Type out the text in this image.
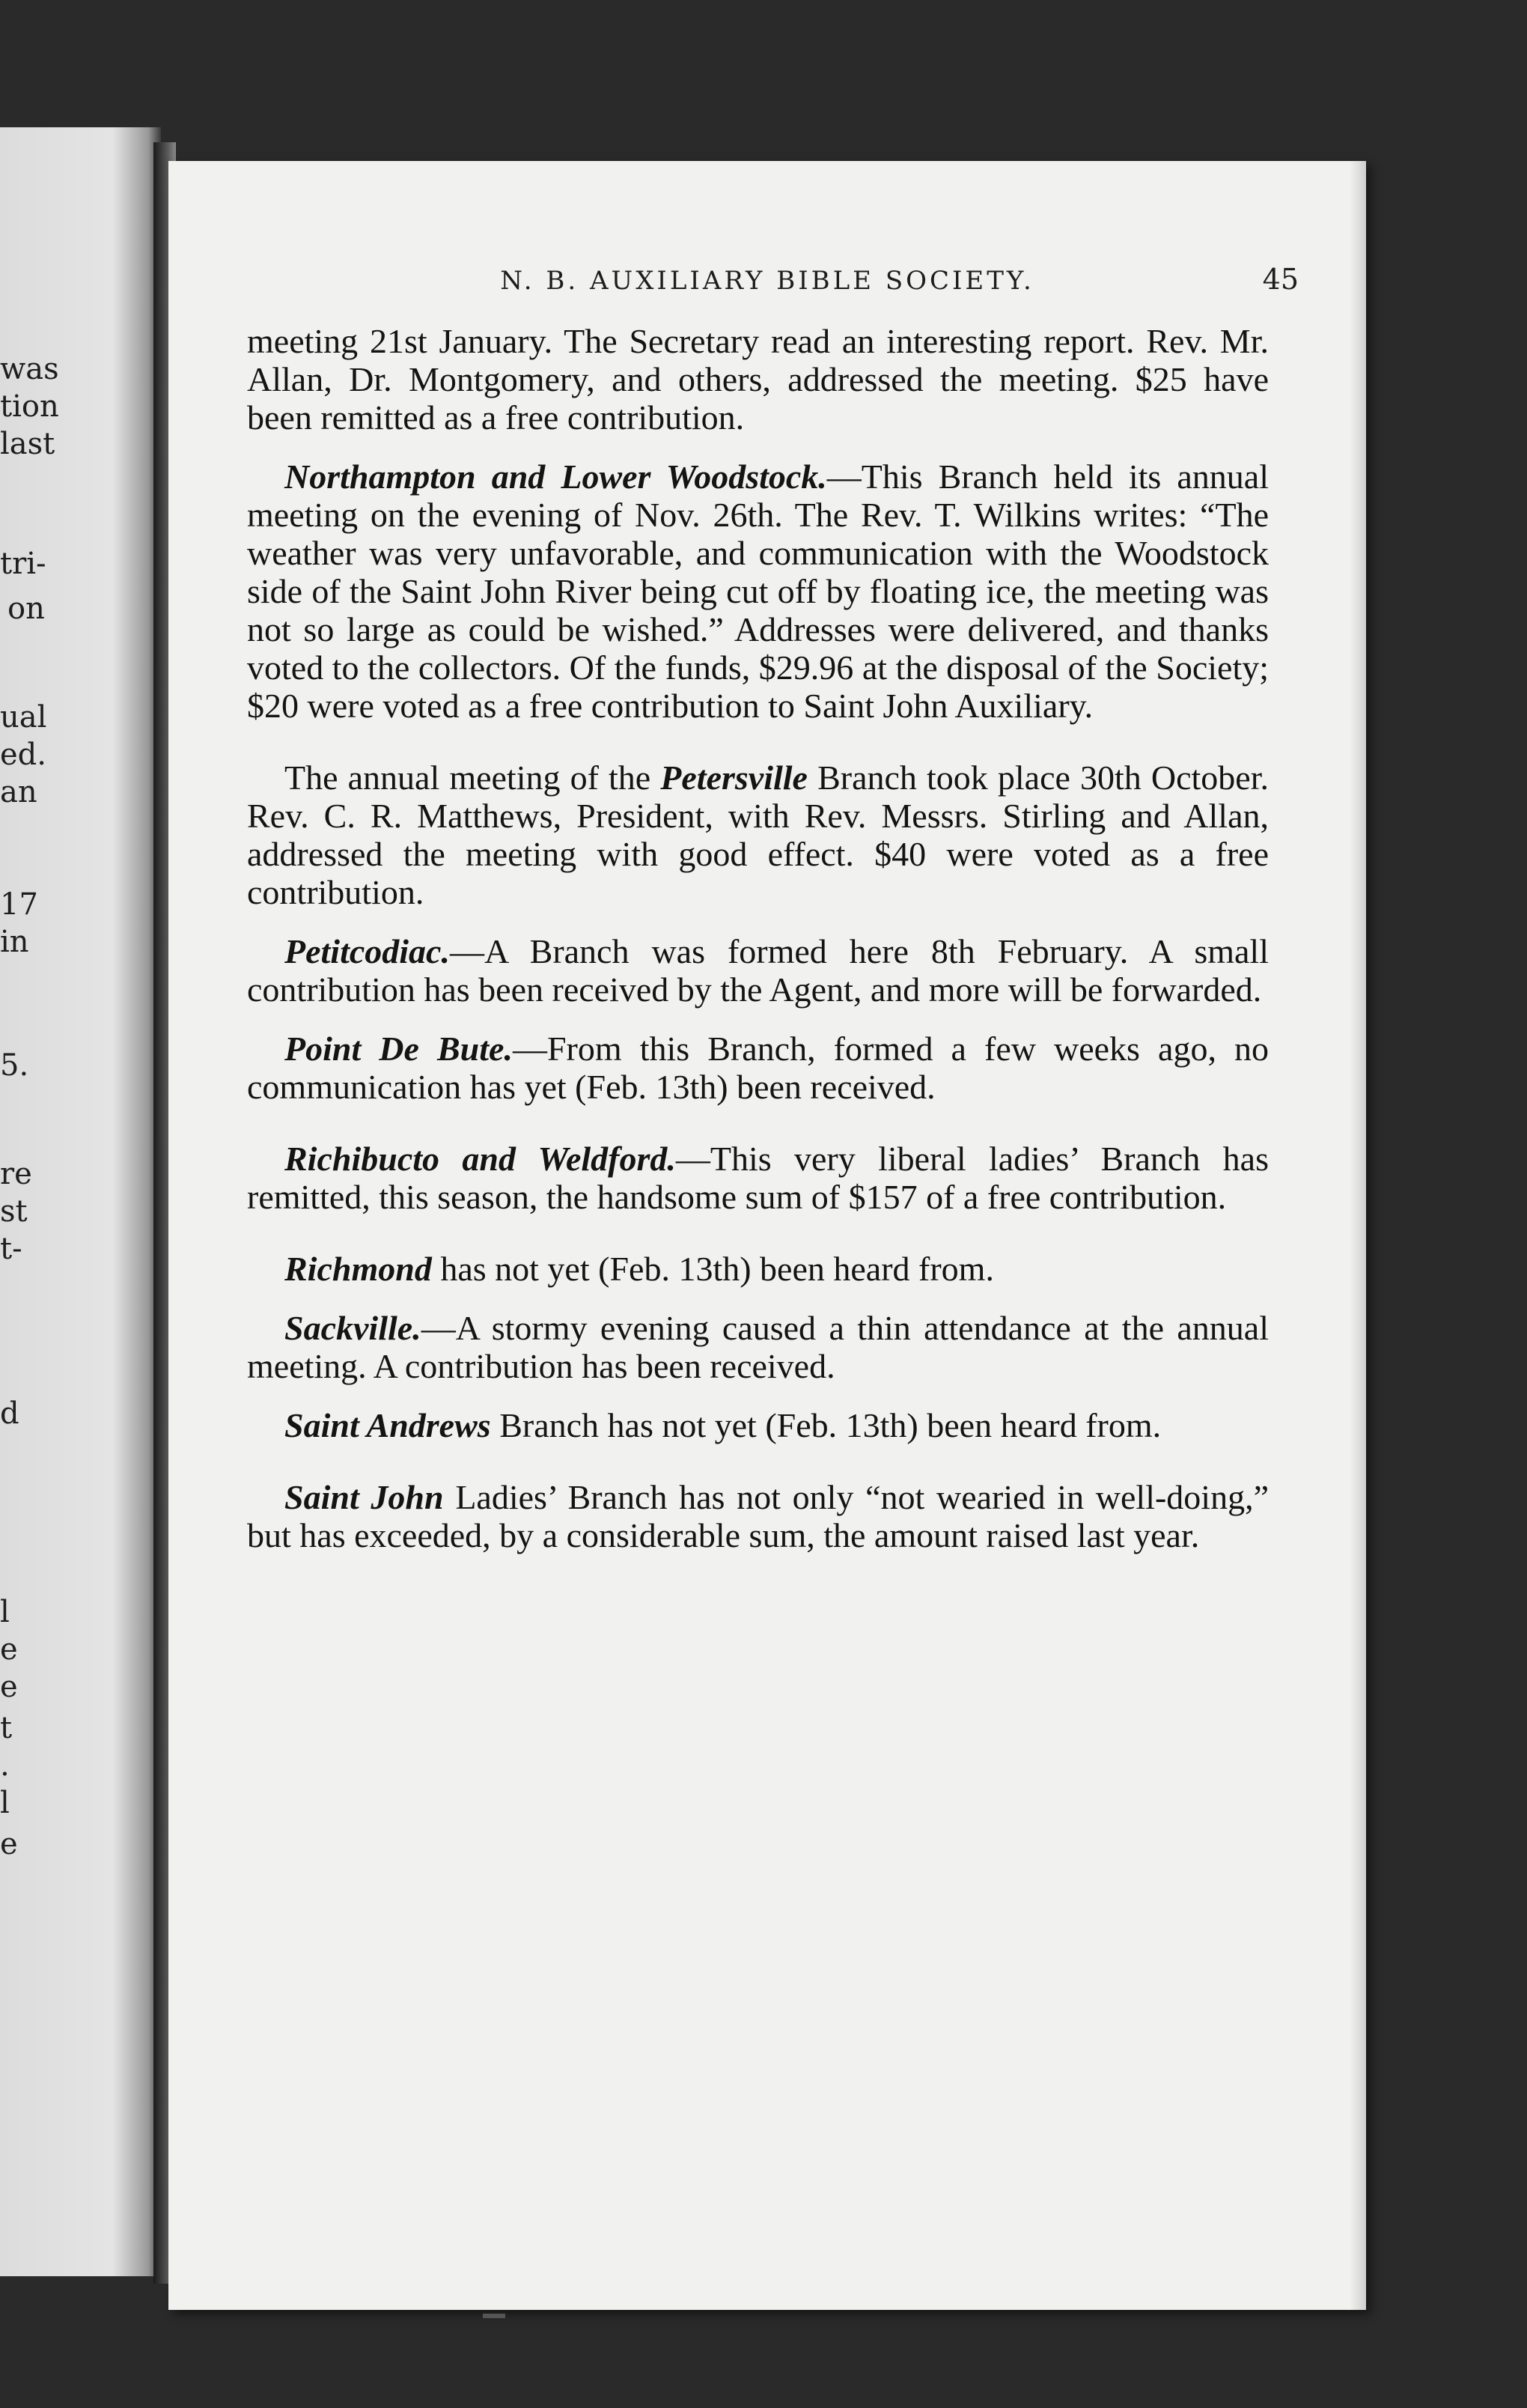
was
tion
last
tri-
on
ual
ed.
an
17
in
5.
re
st
t-
d
l
e
e
t
.
l
e
N. B. AUXILIARY BIBLE SOCIETY.	45

meeting 21st January. The Secretary read an interesting report. Rev. Mr. Allan, Dr. Montgomery, and others, addressed the meeting. $25 have been remitted as a free contribution.

Northampton and Lower Woodstock.—This Branch held its annual meeting on the evening of Nov. 26th. The Rev. T. Wilkins writes: “The weather was very unfavorable, and communication with the Woodstock side of the Saint John River being cut off by floating ice, the meeting was not so large as could be wished.” Addresses were delivered, and thanks voted to the collectors. Of the funds, $29.96 at the disposal of the Society; $20 were voted as a free contribution to Saint John Auxiliary.

The annual meeting of the Petersville Branch took place 30th October. Rev. C. R. Matthews, President, with Rev. Messrs. Stirling and Allan, addressed the meeting with good effect. $40 were voted as a free contribution.

Petitcodiac.—A Branch was formed here 8th February. A small contribution has been received by the Agent, and more will be forwarded.

Point De Bute.—From this Branch, formed a few weeks ago, no communication has yet (Feb. 13th) been received.

Richibucto and Weldford.—This very liberal ladies’ Branch has remitted, this season, the handsome sum of $157 of a free contribution.

Richmond has not yet (Feb. 13th) been heard from.

Sackville.—A stormy evening caused a thin attendance at the annual meeting. A contribution has been received.

Saint Andrews Branch has not yet (Feb. 13th) been heard from.

Saint John Ladies’ Branch has not only “not wearied in well-doing,” but has exceeded, by a considerable sum, the amount raised last year.
